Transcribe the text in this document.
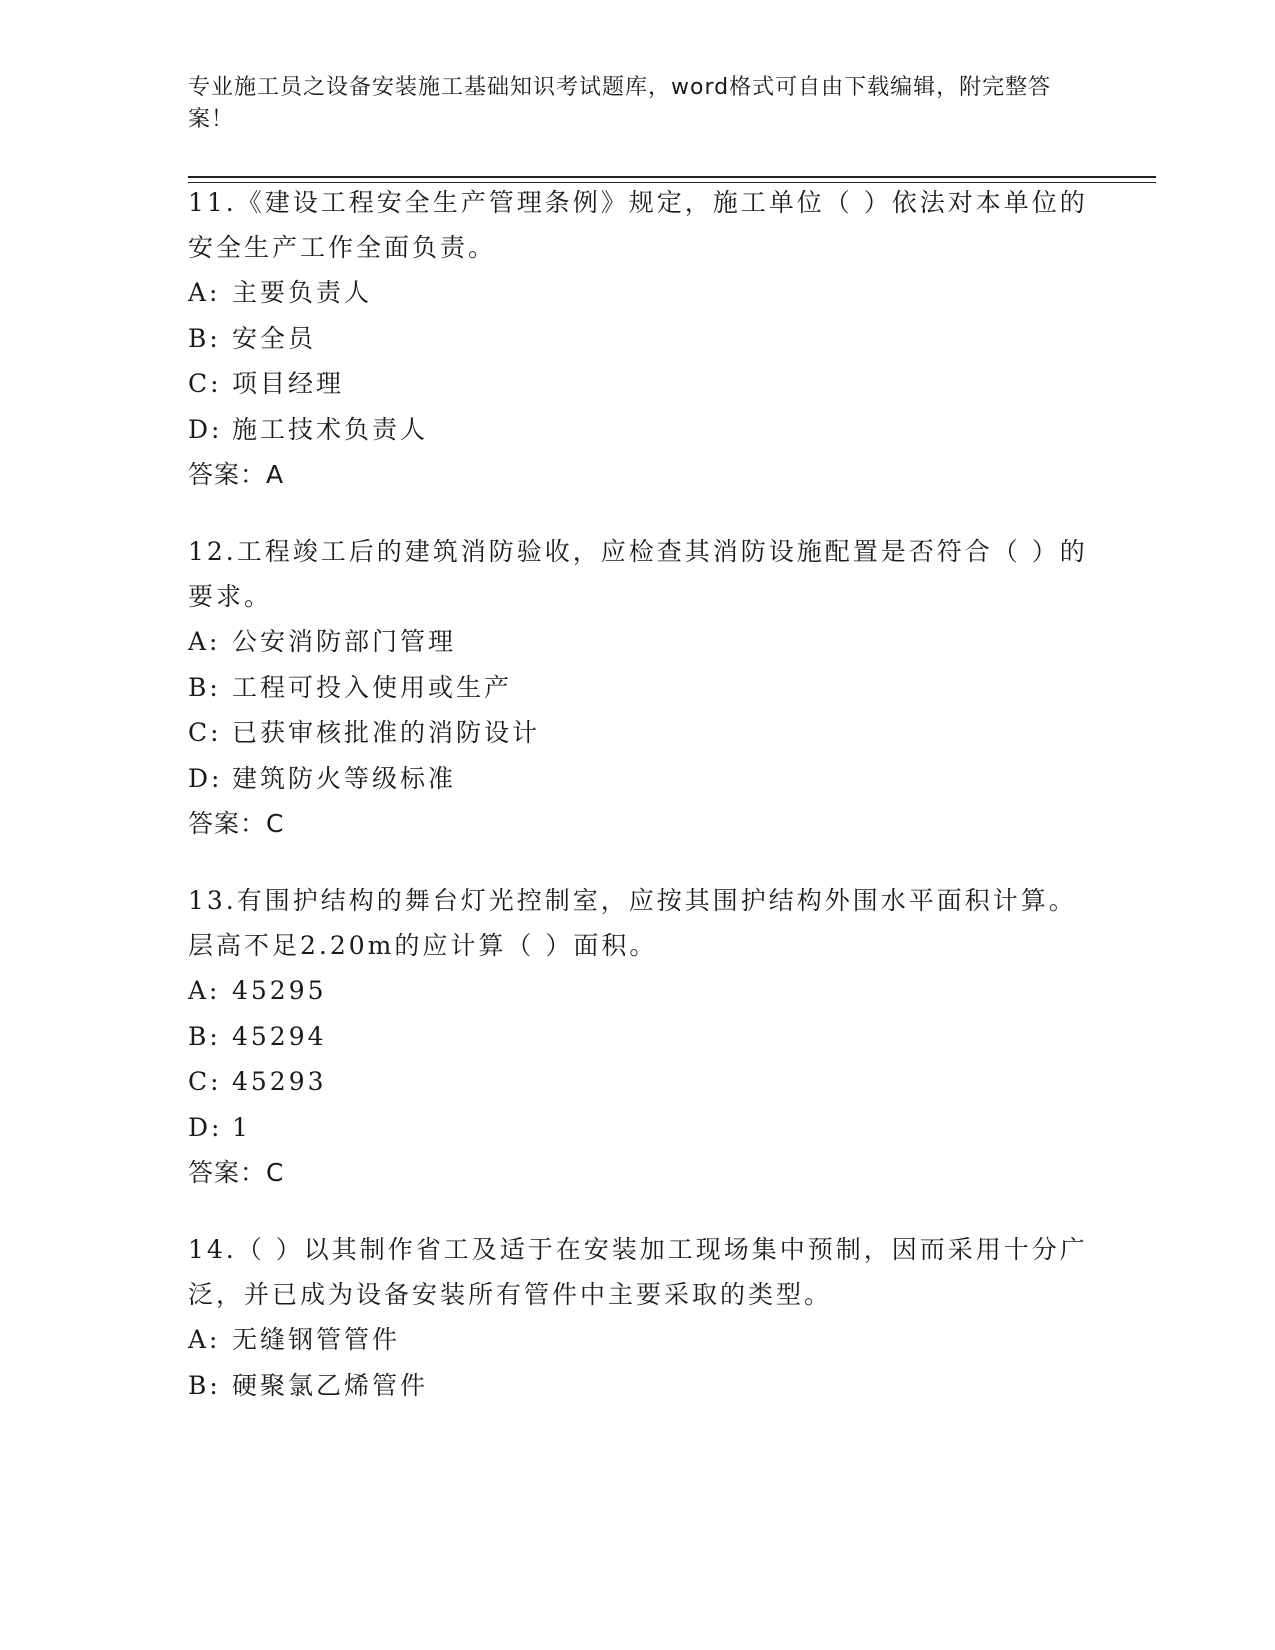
专业施工员之设备安装施工基础知识考试题库，word格式可自由下载编辑，附完整答案！

11.《建设工程安全生产管理条例》规定，施工单位（ ）依法对本单位的安全生产工作全面负责。

A: 主要负责人
B: 安全员
C: 项目经理
D: 施工技术负责人
答案：A

12.工程竣工后的建筑消防验收，应检查其消防设施配置是否符合（ ）的要求。

A: 公安消防部门管理
B: 工程可投入使用或生产
C: 已获审核批准的消防设计
D: 建筑防火等级标准
答案：C

13.有围护结构的舞台灯光控制室，应按其围护结构外围水平面积计算。层高不足2.20m的应计算（ ）面积。

A: 45295
B: 45294
C: 45293
D: 1
答案：C

14.（ ）以其制作省工及适于在安装加工现场集中预制，因而采用十分广泛，并已成为设备安装所有管件中主要采取的类型。

A: 无缝钢管管件
B: 硬聚氯乙烯管件
